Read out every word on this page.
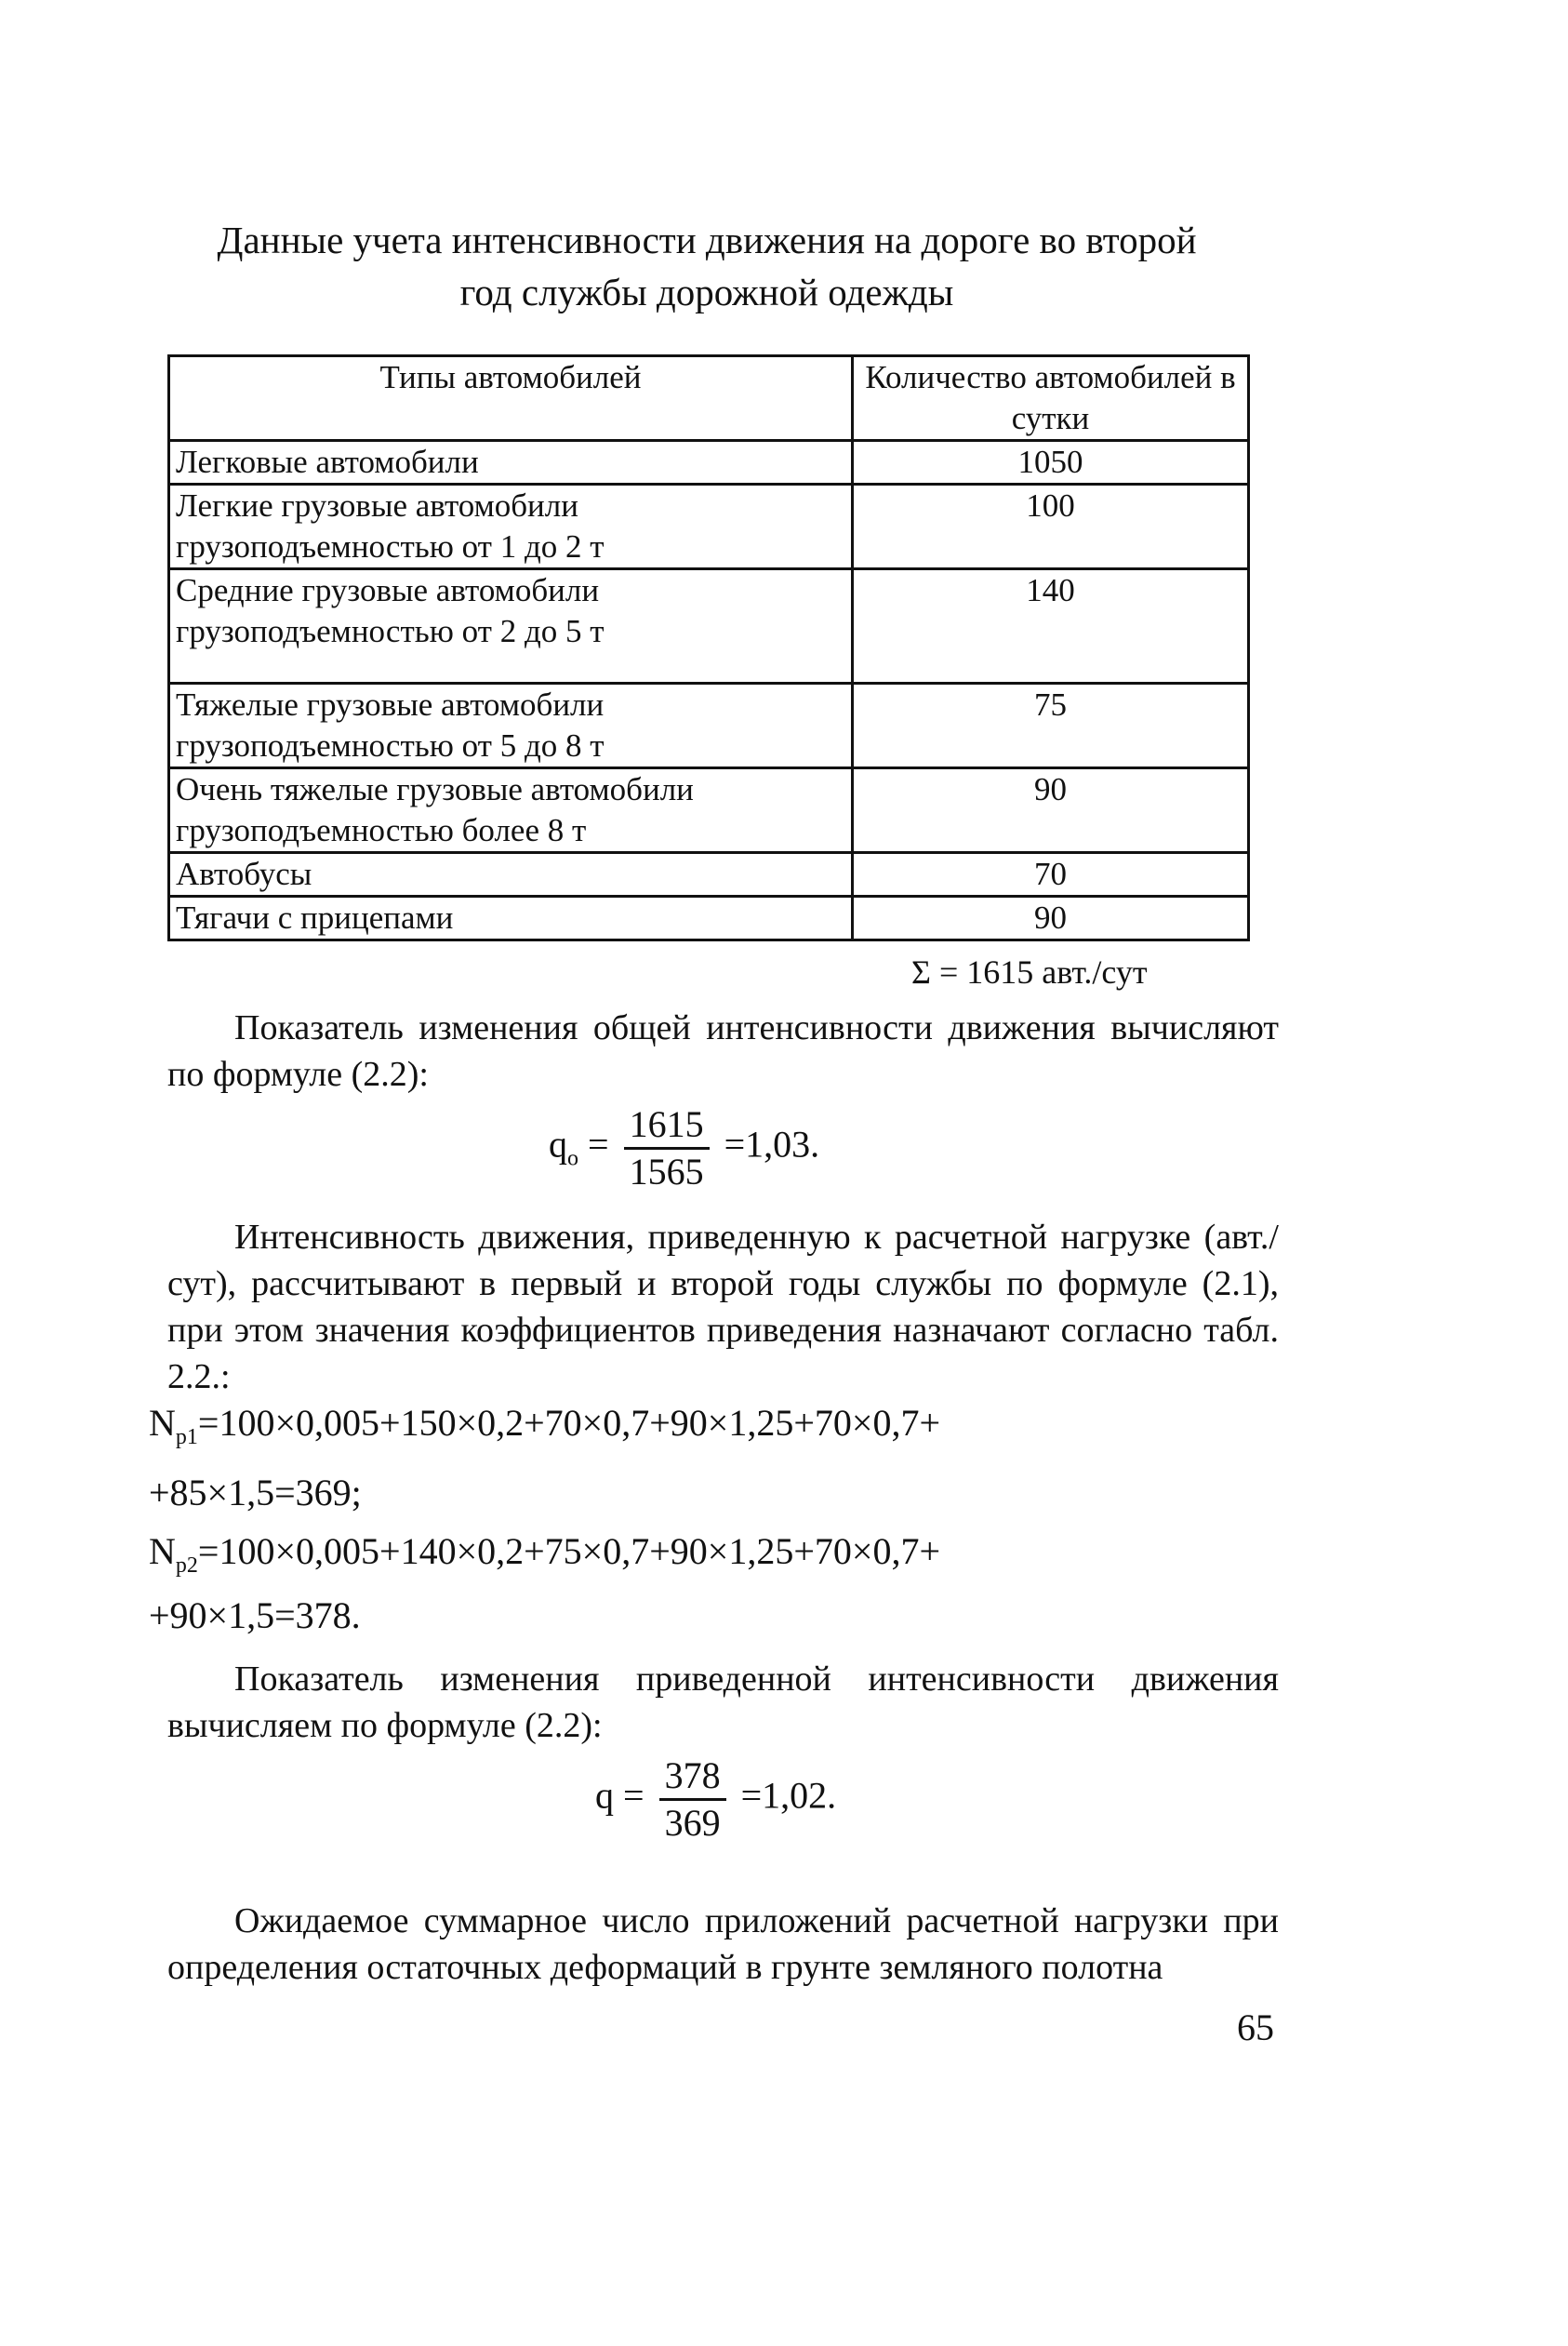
Данные учета интенсивности движения на дороге во второй
год службы дорожной одежды
Типы автомобилей	Количество автомобилей в сутки
Легковые автомобили	1050
Легкие грузовые автомобили грузоподъемностью от 1 до 2 т	100
Средние грузовые автомобили грузоподъемностью от 2 до 5 т	140
Тяжелые грузовые автомобили грузоподъемностью от 5 до 8 т	75
Очень тяжелые грузовые автомобили грузоподъемностью более 8 т	90
Автобусы	70
Тягачи с прицепами	90
Σ = 1615 авт./сут
Показатель изменения общей интенсивности движения вычисляют по формуле (2.2):
$q_o = \frac{1615}{1565} =1,03$.
Интенсивность движения, приведенную к расчетной нагрузке (авт./сут), рассчитывают в первый и второй годы службы по формуле (2.1), при этом значения коэффициентов приведения назначают согласно табл. 2.2.:
$N_{p1}=100\times 0,005+150\times 0,2+70\times 0,7+90\times 1,25+70\times 0,7+$
+85×1,5=369;
$N_{p2}=100\times 0,005+140\times 0,2+75\times 0,7+90\times 1,25+70\times 0,7+$
+90×1,5=378.
Показатель изменения приведенной интенсивности движения вычисляем по формуле (2.2):
$q = \frac{378}{369} =1,02$.
Ожидаемое суммарное число приложений расчетной нагрузки при определения остаточных деформаций в грунте земляного полотна
65
